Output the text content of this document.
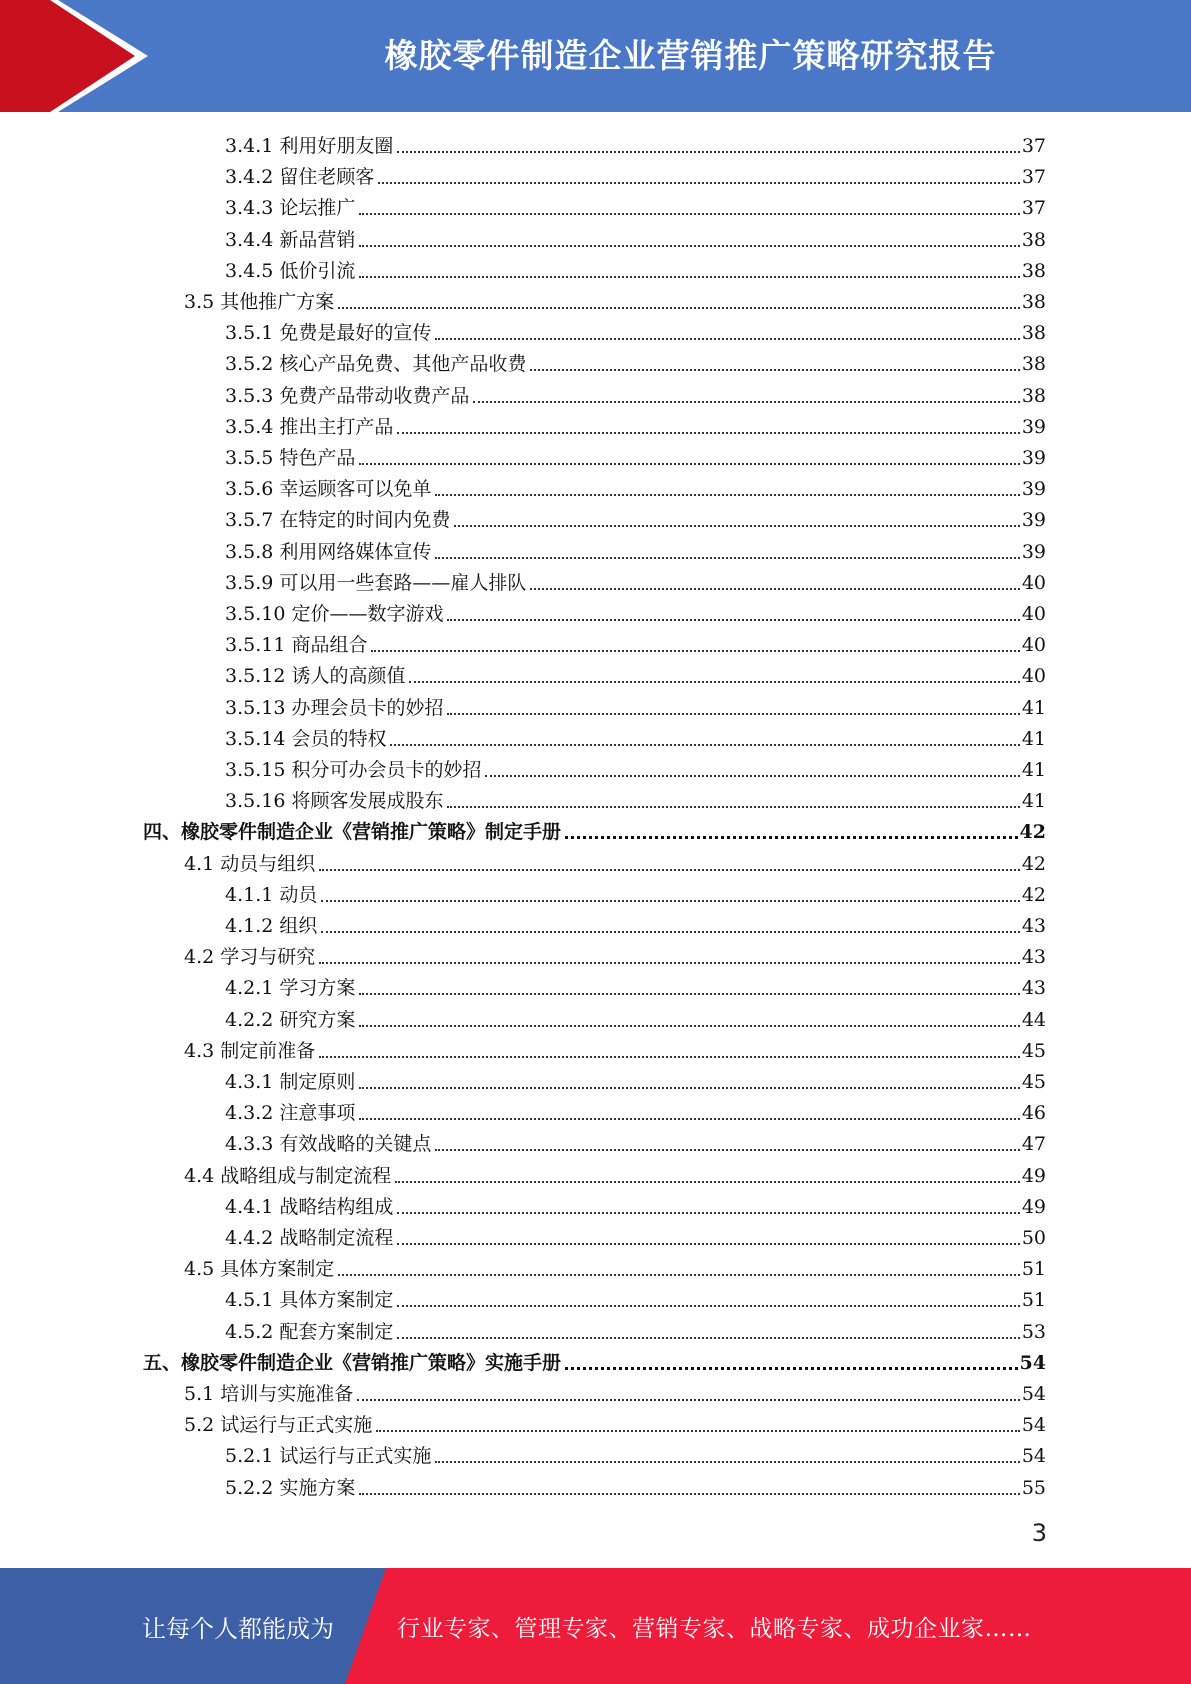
橡胶零件制造企业营销推广策略研究报告
3.4.1 利用好朋友圈	37
3.4.2 留住老顾客	37
3.4.3 论坛推广	37
3.4.4 新品营销	38
3.4.5 低价引流	38
3.5 其他推广方案	38
3.5.1 免费是最好的宣传	38
3.5.2 核心产品免费、其他产品收费	38
3.5.3 免费产品带动收费产品	38
3.5.4 推出主打产品	39
3.5.5 特色产品	39
3.5.6 幸运顾客可以免单	39
3.5.7 在特定的时间内免费	39
3.5.8 利用网络媒体宣传	39
3.5.9 可以用一些套路——雇人排队	40
3.5.10 定价——数字游戏	40
3.5.11 商品组合	40
3.5.12 诱人的高颜值	40
3.5.13 办理会员卡的妙招	41
3.5.14 会员的特权	41
3.5.15 积分可办会员卡的妙招	41
3.5.16 将顾客发展成股东	41
四、橡胶零件制造企业《营销推广策略》制定手册	42
4.1 动员与组织	42
4.1.1 动员	42
4.1.2 组织	43
4.2 学习与研究	43
4.2.1 学习方案	43
4.2.2 研究方案	44
4.3 制定前准备	45
4.3.1 制定原则	45
4.3.2 注意事项	46
4.3.3 有效战略的关键点	47
4.4 战略组成与制定流程	49
4.4.1 战略结构组成	49
4.4.2 战略制定流程	50
4.5 具体方案制定	51
4.5.1 具体方案制定	51
4.5.2 配套方案制定	53
五、橡胶零件制造企业《营销推广策略》实施手册	54
5.1 培训与实施准备	54
5.2 试运行与正式实施	54
5.2.1 试运行与正式实施	54
5.2.2 实施方案	55
3
让每个人都能成为	行业专家、管理专家、营销专家、战略专家、成功企业家……
